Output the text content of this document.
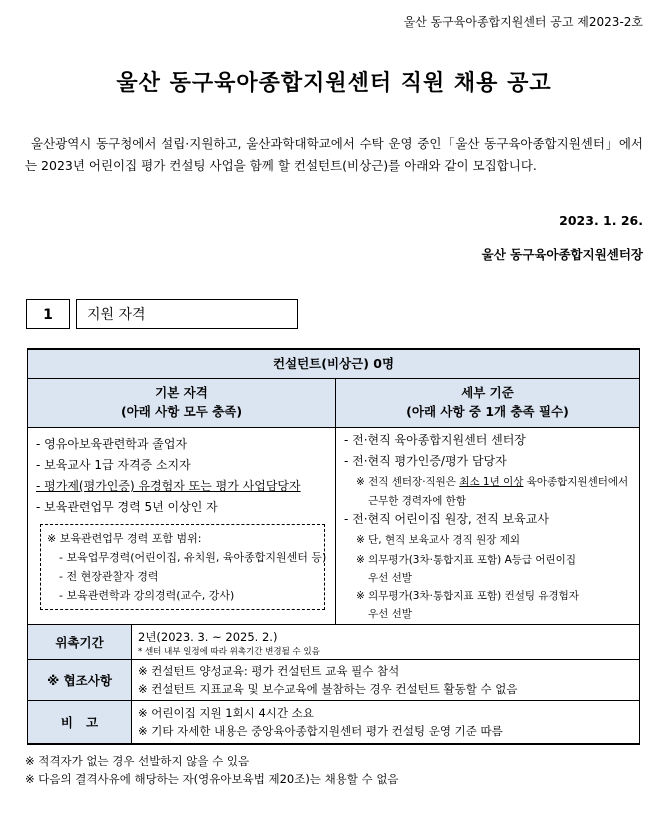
울산 동구육아종합지원센터 공고 제2023-2호
울산 동구육아종합지원센터 직원 채용 공고
울산광역시 동구청에서 설립·지원하고, 울산과학대학교에서 수탁 운영 중인「울산 동구육아종합지원센터」에서는 2023년 어린이집 평가 컨설팅 사업을 함께 할 컨설턴트(비상근)를 아래와 같이 모집합니다.
2023. 1. 26.
울산 동구육아종합지원센터장
1	지원 자격
컨설턴트(비상근) 0명
기본 자격
(아래 사항 모두 충족)
세부 기준
(아래 사항 중 1개 충족 필수)
- 영유아보육관련학과 졸업자
- 보육교사 1급 자격증 소지자
- 평가제(평가인증) 유경험자 또는 평가 사업담당자
- 보육관련업무 경력 5년 이상인 자
※ 보육관련업무 경력 포함 범위:
- 보육업무경력(어린이집, 유치원, 육아종합지원센터 등)
- 전 현장관찰자 경력
- 보육관련학과 강의경력(교수, 강사)
- 전·현직 육아종합지원센터 센터장
- 전·현직 평가인증/평가 담당자
※ 전직 센터장·직원은 최소 1년 이상 육아종합지원센터에서
근무한 경력자에 한함
- 전·현직 어린이집 원장, 전직 보육교사
※ 단, 현직 보육교사 경직 원장 제외
※ 의무평가(3차·통합지표 포함) A등급 어린이집
우선 선발
※ 의무평가(3차·통합지표 포함) 컨설팅 유경험자
우선 선발
위촉기간	2년(2023. 3. ~ 2025. 2.)
* 센터 내부 일정에 따라 위촉기간 변경될 수 있음
※ 협조사항
※ 컨설턴트 양성교육: 평가 컨설턴트 교육 필수 참석
※ 컨설턴트 지표교육 및 보수교육에 불참하는 경우 컨설턴트 활동할 수 없음
비   고
※ 어린이집 지원 1회시 4시간 소요
※ 기타 자세한 내용은 중앙육아종합지원센터 평가 컨설팅 운영 기준 따름
※ 적격자가 없는 경우 선발하지 않을 수 있음
※ 다음의 결격사유에 해당하는 자(영유아보육법 제20조)는 채용할 수 없음
